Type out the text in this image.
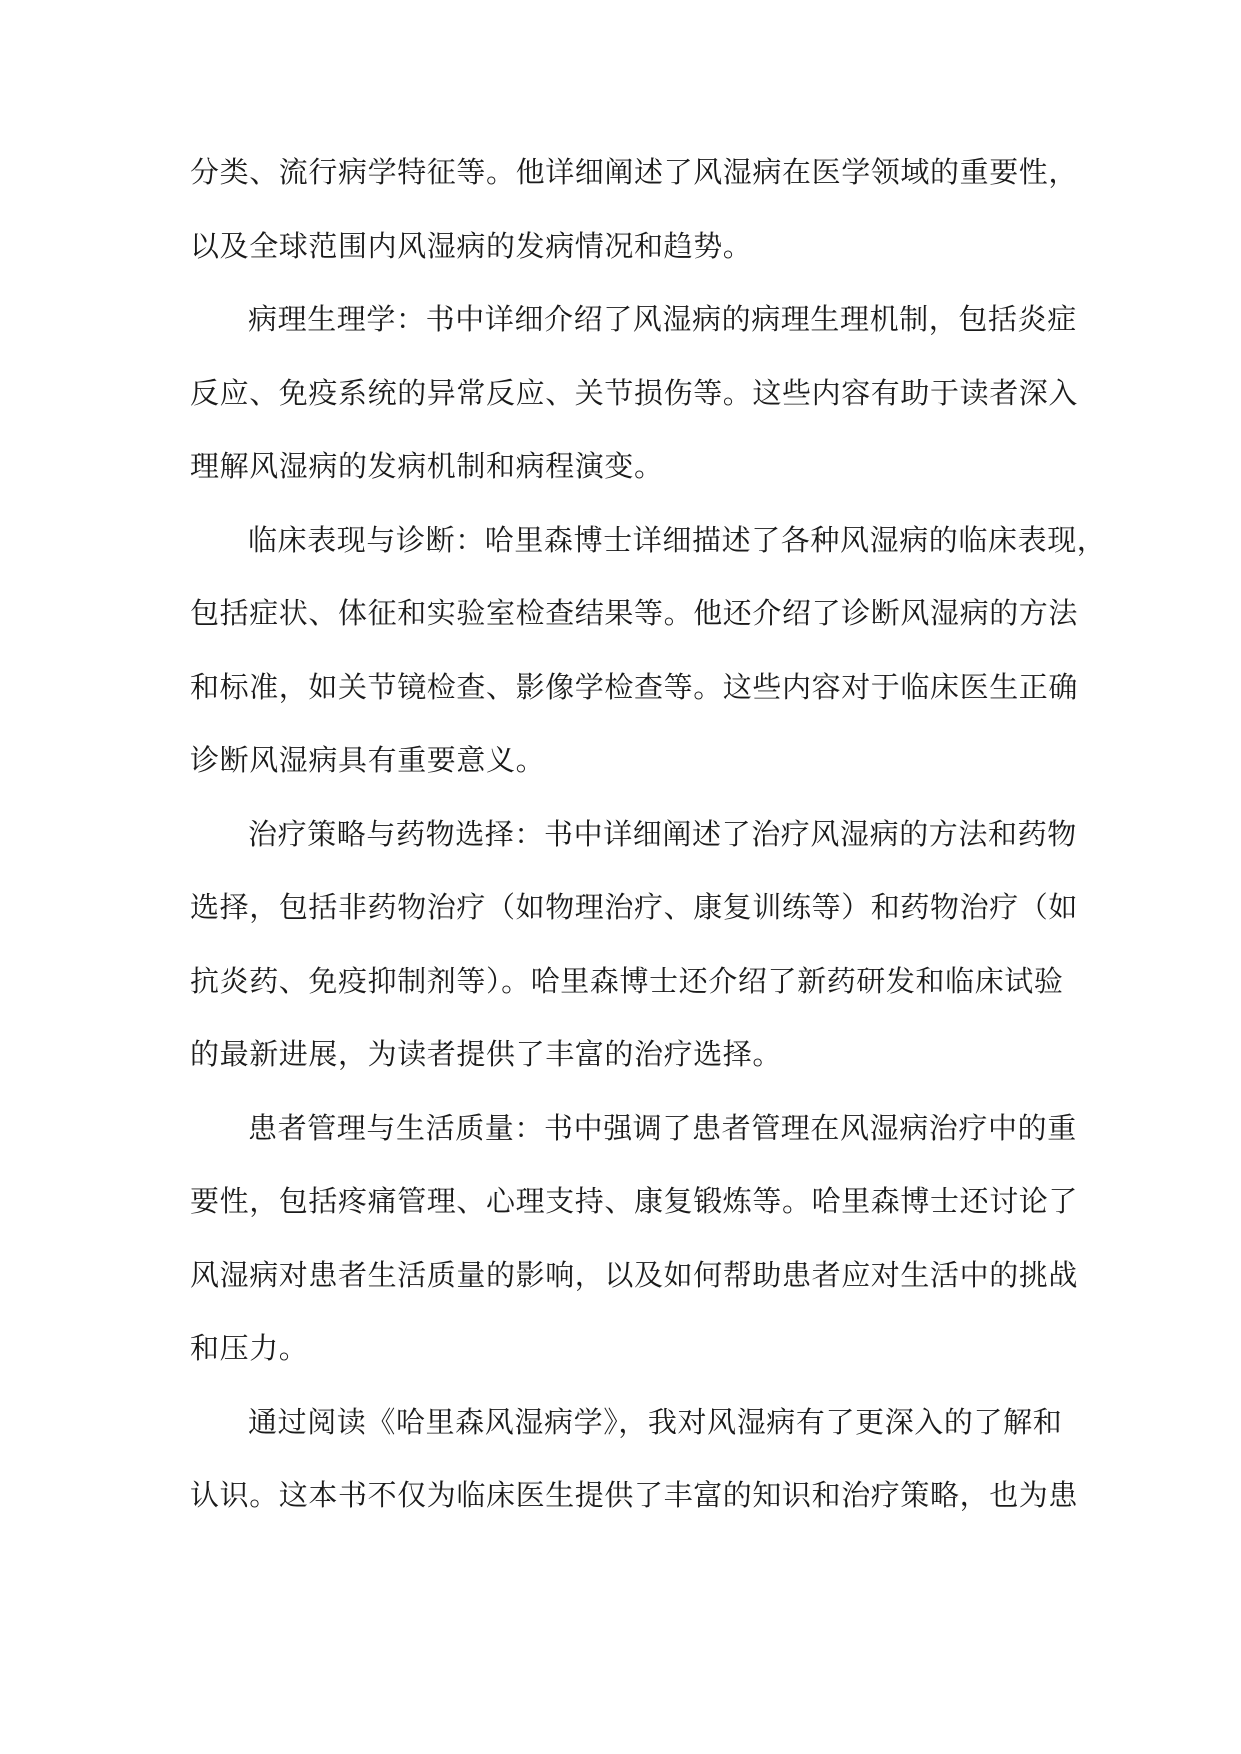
分类、流行病学特征等。他详细阐述了风湿病在医学领域的重要性，
以及全球范围内风湿病的发病情况和趋势。
病理生理学：书中详细介绍了风湿病的病理生理机制，包括炎症
反应、免疫系统的异常反应、关节损伤等。这些内容有助于读者深入
理解风湿病的发病机制和病程演变。
临床表现与诊断：哈里森博士详细描述了各种风湿病的临床表现，
包括症状、体征和实验室检查结果等。他还介绍了诊断风湿病的方法
和标准，如关节镜检查、影像学检查等。这些内容对于临床医生正确
诊断风湿病具有重要意义。
治疗策略与药物选择：书中详细阐述了治疗风湿病的方法和药物
选择，包括非药物治疗（如物理治疗、康复训练等）和药物治疗（如
抗炎药、免疫抑制剂等）。哈里森博士还介绍了新药研发和临床试验
的最新进展，为读者提供了丰富的治疗选择。
患者管理与生活质量：书中强调了患者管理在风湿病治疗中的重
要性，包括疼痛管理、心理支持、康复锻炼等。哈里森博士还讨论了
风湿病对患者生活质量的影响，以及如何帮助患者应对生活中的挑战
和压力。
通过阅读《哈里森风湿病学》，我对风湿病有了更深入的了解和
认识。这本书不仅为临床医生提供了丰富的知识和治疗策略，也为患
